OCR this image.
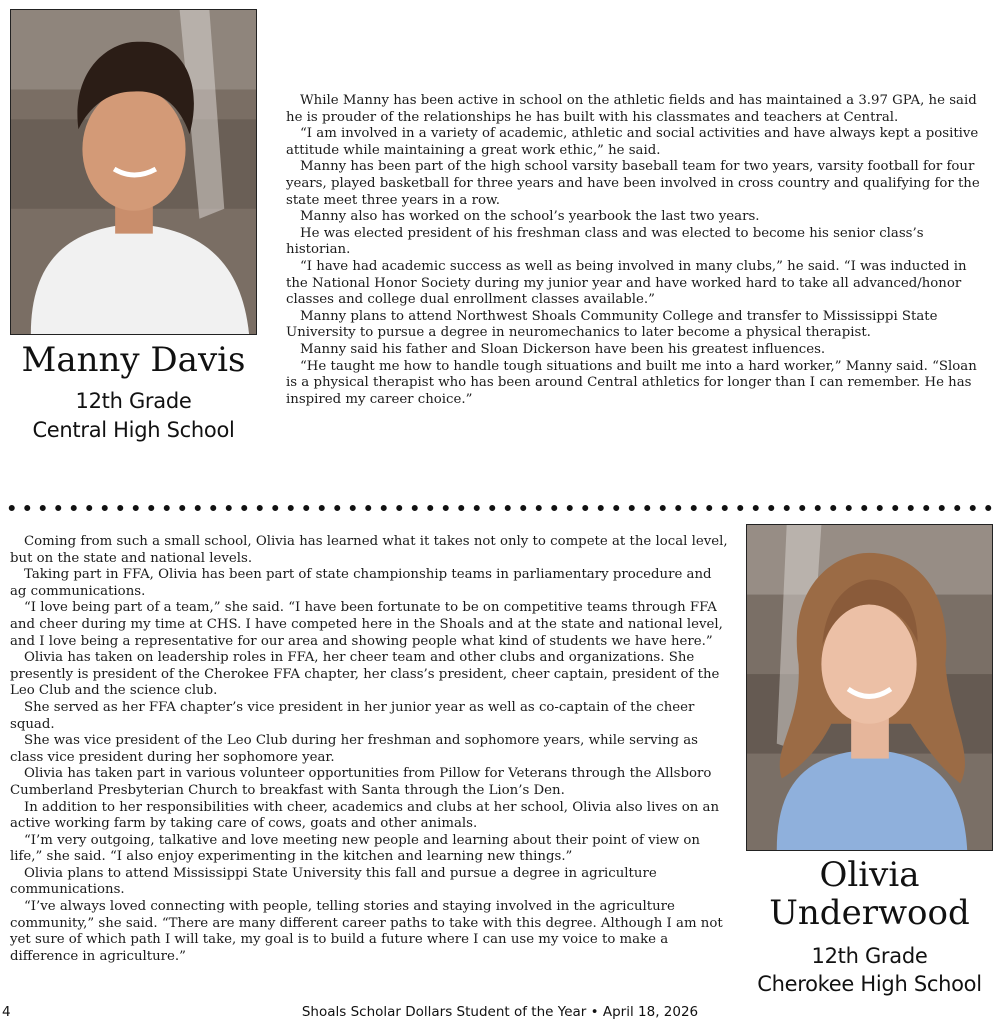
Manny Davis
12th Grade
Central High School

While Manny has been active in school on the athletic fields and has maintained a 3.97 GPA, he said he is prouder of the relationships he has built with his classmates and teachers at Central.

“I am involved in a variety of academic, athletic and social activities and have always kept a positive attitude while maintaining a great work ethic,” he said.

Manny has been part of the high school varsity baseball team for two years, varsity football for four years, played basketball for three years and have been involved in cross country and qualifying for the state meet three years in a row.

Manny also has worked on the school’s yearbook the last two years.

He was elected president of his freshman class and was elected to become his senior class’s historian.

“I have had academic success as well as being involved in many clubs,” he said. “I was inducted in the National Honor Society during my junior year and have worked hard to take all advanced/honor classes and college dual enrollment classes available.”

Manny plans to attend Northwest Shoals Community College and transfer to Mississippi State University to pursue a degree in neuromechanics to later become a physical therapist.

Manny said his father and Sloan Dickerson have been his greatest influences.

“He taught me how to handle tough situations and built me into a hard worker,” Manny said. “Sloan is a physical therapist who has been around Central athletics for longer than I can remember. He has inspired my career choice.”

Coming from such a small school, Olivia has learned what it takes not only to compete at the local level, but on the state and national levels.

Taking part in FFA, Olivia has been part of state championship teams in parliamentary procedure and ag communications.

“I love being part of a team,” she said. “I have been fortunate to be on competitive teams through FFA and cheer during my time at CHS. I have competed here in the Shoals and at the state and national level, and I love being a representative for our area and showing people what kind of students we have here.”

Olivia has taken on leadership roles in FFA, her cheer team and other clubs and organizations. She presently is president of the Cherokee FFA chapter, her class’s president, cheer captain, president of the Leo Club and the science club.

She served as her FFA chapter’s vice president in her junior year as well as co-captain of the cheer squad.

She was vice president of the Leo Club during her freshman and sophomore years, while serving as class vice president during her sophomore year.

Olivia has taken part in various volunteer opportunities from Pillow for Veterans through the Allsboro Cumberland Presbyterian Church to breakfast with Santa through the Lion’s Den.

In addition to her responsibilities with cheer, academics and clubs at her school, Olivia also lives on an active working farm by taking care of cows, goats and other animals.

“I’m very outgoing, talkative and love meeting new people and learning about their point of view on life,” she said. “I also enjoy experimenting in the kitchen and learning new things.”

Olivia plans to attend Mississippi State University this fall and pursue a degree in agriculture communications.

“I’ve always loved connecting with people, telling stories and staying involved in the agriculture community,” she said. “There are many different career paths to take with this degree. Although I am not yet sure of which path I will take, my goal is to build a future where I can use my voice to make a difference in agriculture.”

Olivia
Underwood
12th Grade
Cherokee High School
4	Shoals Scholar Dollars Student of the Year • April 18, 2026
